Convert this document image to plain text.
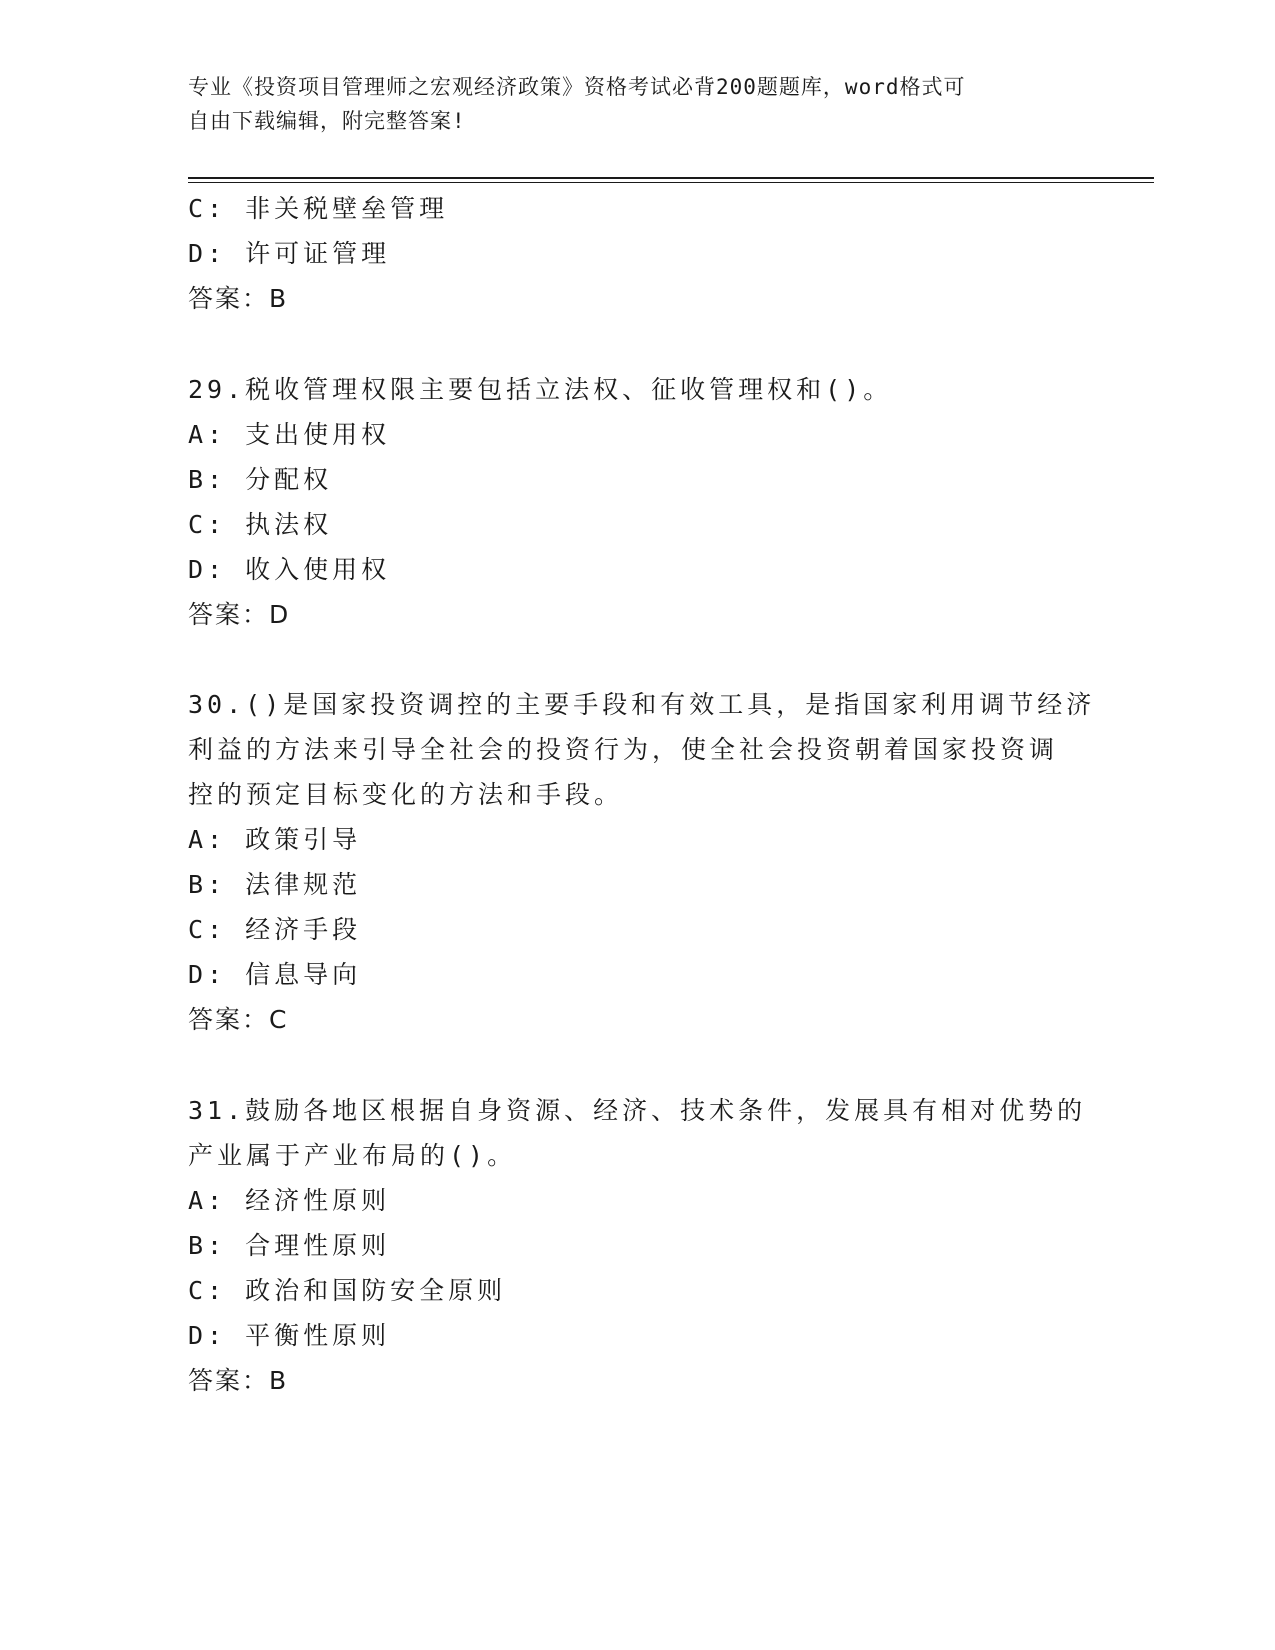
专业《投资项目管理师之宏观经济政策》资格考试必背200题题库，word格式可
自由下载编辑，附完整答案!
C: 非关税壁垒管理
D: 许可证管理
答案：B
29.税收管理权限主要包括立法权、征收管理权和()。
A: 支出使用权
B: 分配权
C: 执法权
D: 收入使用权
答案：D
30.()是国家投资调控的主要手段和有效工具，是指国家利用调节经济
利益的方法来引导全社会的投资行为，使全社会投资朝着国家投资调
控的预定目标变化的方法和手段。
A: 政策引导
B: 法律规范
C: 经济手段
D: 信息导向
答案：C
31.鼓励各地区根据自身资源、经济、技术条件，发展具有相对优势的
产业属于产业布局的()。
A: 经济性原则
B: 合理性原则
C: 政治和国防安全原则
D: 平衡性原则
答案：B
